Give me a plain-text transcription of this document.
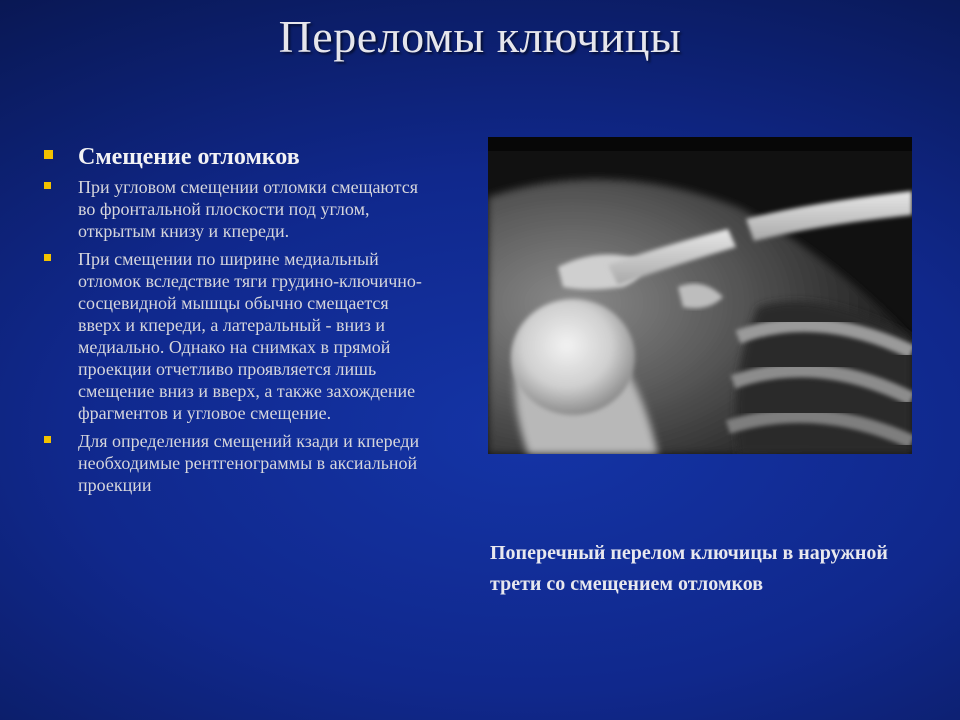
Переломы ключицы
Смещение отломков
При угловом смещении отломки смещаются во фронтальной плоскости под углом, открытым книзу и кпереди.
При смещении по ширине медиальный отломок вследствие тяги грудино-ключично-сосцевидной мышцы обычно смещается вверх и кпереди, а латеральный - вниз и медиально. Однако на снимках в прямой проекции отчетливо проявляется лишь смещение вниз и вверх, а также захождение фрагментов и угловое смещение.
Для определения смещений кзади и кпереди необходимые рентгенограммы в аксиальной проекции
Поперечный перелом ключицы в наружной трети со смещением отломков
